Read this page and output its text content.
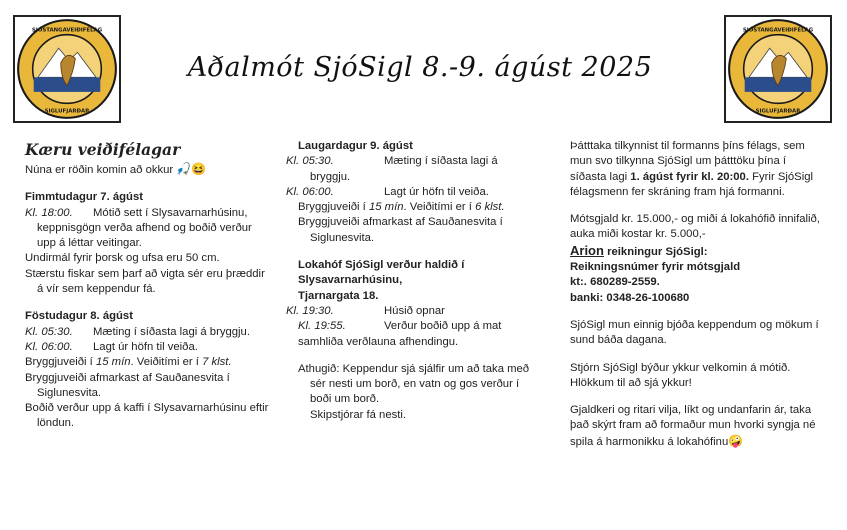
SJÓSTANGAVEIÐIFÉLAG
SIGLUFJARÐAR
SJÓSTANGAVEIÐIFÉLAG
SIGLUFJARÐAR
Aðalmót SjóSigl 8.-9. ágúst 2025
Kæru veiðifélagar

Núna er röðin komin að okkur 🎣😆

Fimmtudagur 7. ágúst

Kl. 18:00. Mótið sett í Slysavarnarhúsinu, keppnisgögn verða afhend og boðið verður upp á léttar veitingar.

Undirmál fyrir þorsk og ufsa eru 50 cm.

Stærstu fiskar sem þarf að vigta sér eru þræddir á vír sem keppendur fá.

Föstudagur 8. ágúst

Kl. 05:30. Mæting í síðasta lagi á bryggju.

Kl. 06:00. Lagt úr höfn til veiða.

Bryggjuveiði í 15 mín. Veiðitími er í 7 klst.

Bryggjuveiði afmarkast af Sauðanesvita í Siglunesvita.

Boðið verður upp á kaffi í Slysavarnarhúsinu eftir löndun.

Laugardagur 9. ágúst

Kl. 05:30.	Mæting í síðasta lagi á bryggju.

Kl. 06:00.	Lagt úr höfn til veiða.

Bryggjuveiði í 15 mín. Veiðitími er í 6 klst.

Bryggjuveiði afmarkast af Sauðanesvita í Siglunesvita.

Lokahóf SjóSigl verður haldið í Slysavarnarhúsinu,

Tjarnargata 18.

Kl. 19:30.	Húsið opnar

Kl. 19:55.	Verður boðið upp á mat samhliða verðlauna afhendingu.

Athugið: Keppendur sjá sjálfir um að taka með sér nesti um borð, en vatn og gos verður í boði um borð.

Skipstjórar fá nesti.

Þátttaka tilkynnist til formanns þíns félags, sem mun svo tilkynna SjóSigl um þátttöku þína í síðasta lagi 1. ágúst fyrir kl. 20:00. Fyrir SjóSigl félagsmenn fer skráning fram hjá formanni.

Mótsgjald kr. 15.000,- og miði á lokahófið innifalið, auka miði kostar kr. 5.000,-

Arion reikningur SjóSigl:

Reikningsnúmer fyrir mótsgjald

kt:. 680289-2559.

banki: 0348-26-100680

SjóSigl mun einnig bjóða keppendum og mökum í sund báða dagana.

Stjórn SjóSigl býður ykkur velkomin á mótið. Hlökkum til að sjá ykkur!

Gjaldkeri og ritari vilja, líkt og undanfarin ár, taka það skýrt fram að formaður mun hvorki syngja né spila á harmonikku á lokahófinu🤪
